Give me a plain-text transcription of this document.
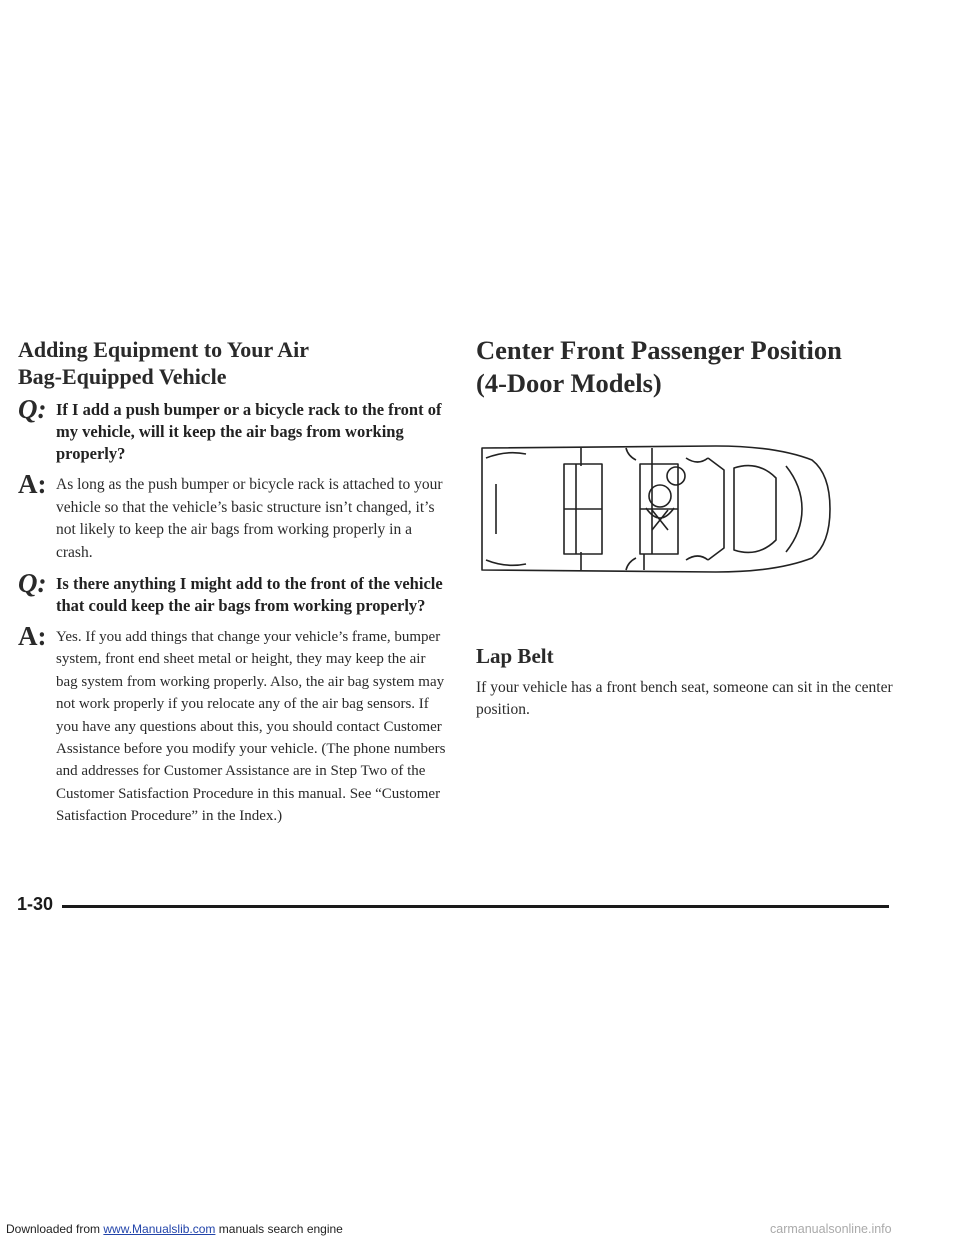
Adding Equipment to Your Air
Bag-Equipped Vehicle
Q: If I add a push bumper or a bicycle rack to the front of my vehicle, will it keep the air bags from working properly?

A: As long as the push bumper or bicycle rack is attached to your vehicle so that the vehicle’s basic structure isn’t changed, it’s not likely to keep the air bags from working properly in a crash.

Q: Is there anything I might add to the front of the vehicle that could keep the air bags from working properly?

A: Yes. If you add things that change your vehicle’s frame, bumper system, front end sheet metal or height, they may keep the air bag system from working properly. Also, the air bag system may not work properly if you relocate any of the air bag sensors. If you have any questions about this, you should contact Customer Assistance before you modify your vehicle. (The phone numbers and addresses for Customer Assistance are in Step Two of the Customer Satisfaction Procedure in this manual. See “Customer Satisfaction Procedure” in the Index.)

Center Front Passenger Position
(4-Door Models)
Lap Belt

If your vehicle has a front bench seat, someone can sit in the center position.

1-30
Downloaded from www.Manualslib.com manuals search engine	carmanualsonline.info
